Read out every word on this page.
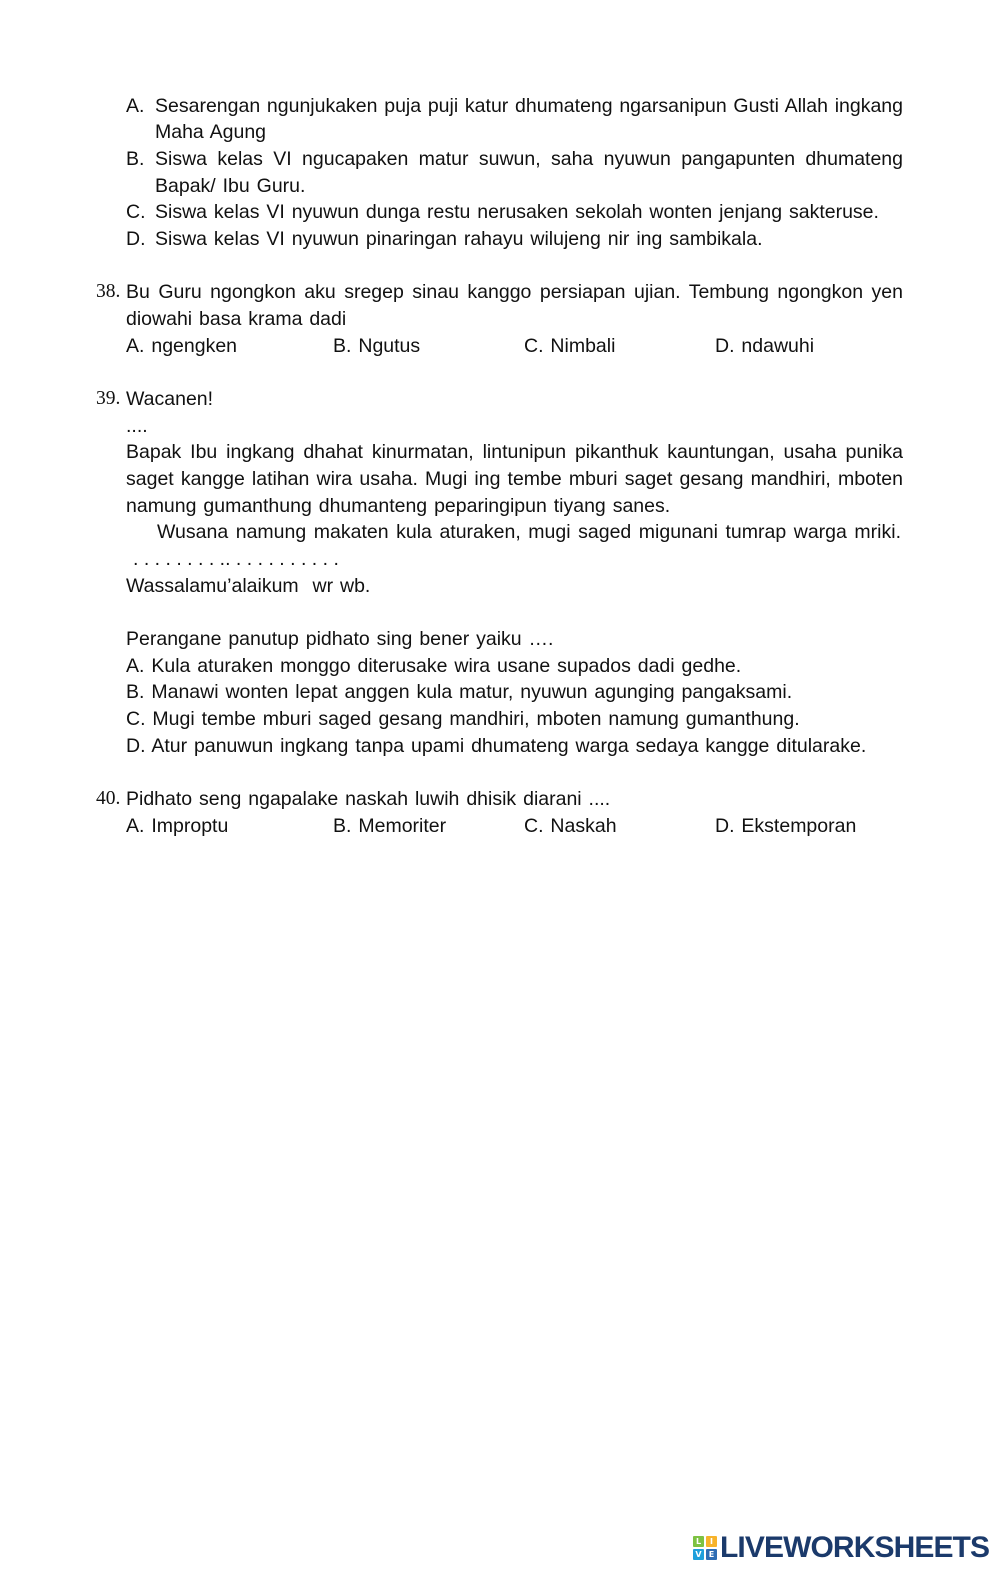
A. Sesarengan ngunjukaken puja puji katur dhumateng ngarsanipun Gusti Allah ingkang
Maha Agung
B. Siswa kelas VI ngucapaken matur suwun, saha nyuwun pangapunten dhumateng
Bapak/ Ibu Guru.
C. Siswa kelas VI nyuwun dunga restu nerusaken sekolah wonten jenjang sakteruse.
D. Siswa kelas VI nyuwun pinaringan rahayu wilujeng nir ing sambikala.
38. Bu Guru ngongkon aku sregep sinau kanggo persiapan ujian. Tembung ngongkon yen
diowahi basa krama dadi
A. ngengken	B. Ngutus	C. Nimbali	D. ndawuhi
39. Wacanen!
....
Bapak Ibu ingkang dhahat kinurmatan, lintunipun pikanthuk kauntungan, usaha punika
saget kangge latihan wira usaha. Mugi ing tembe mburi saget gesang mandhiri, mboten
namung gumanthung dhumanteng peparingipun tiyang sanes.
Wusana namung makaten kula aturaken, mugi saged migunani tumrap warga mriki.
. . . . . . . . .. . . . . . . . . . .
Wassalamu’alaikum  wr wb.
Perangane panutup pidhato sing bener yaiku ….
A. Kula aturaken monggo diterusake wira usane supados dadi gedhe.
B. Manawi wonten lepat anggen kula matur, nyuwun agunging pangaksami.
C. Mugi tembe mburi saged gesang mandhiri, mboten namung gumanthung.
D. Atur panuwun ingkang tanpa upami dhumateng warga sedaya kangge ditularake.
40. Pidhato seng ngapalake naskah luwih dhisik diarani ....
A. Improptu	B. Memoriter	C. Naskah	D. Ekstemporan
L	I
V E LIVEWORKSHEETS
